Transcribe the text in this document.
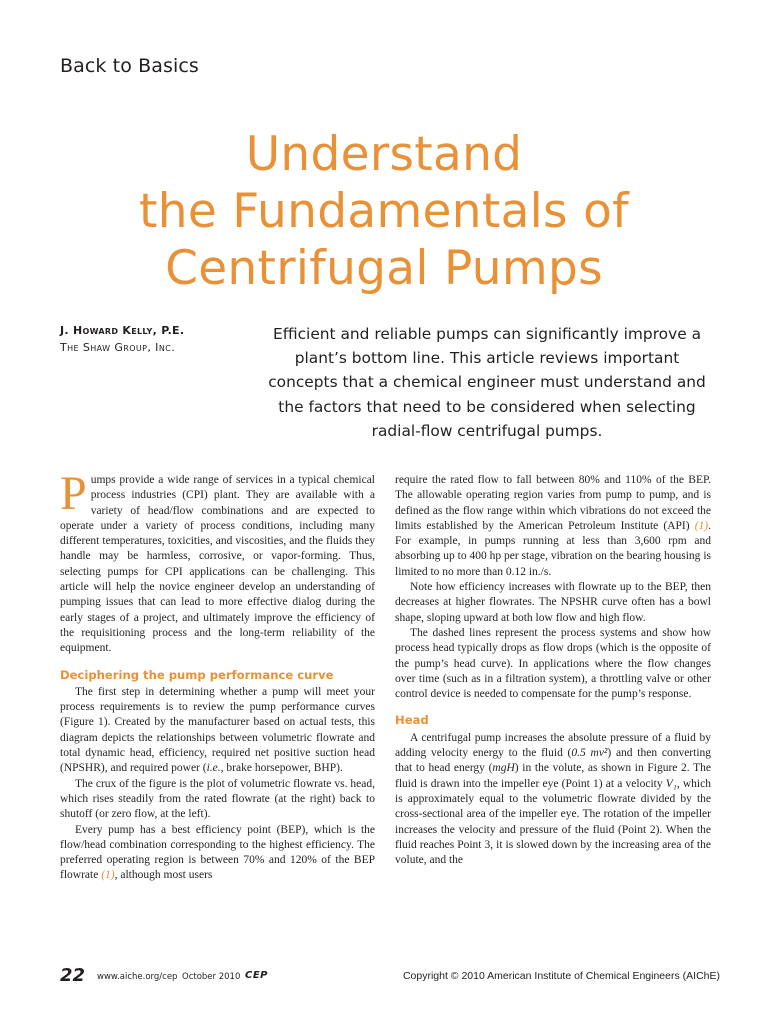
Back to Basics
Understand
the Fundamentals of
Centrifugal Pumps
J. Howard Kelly, P.E.
The Shaw Group, Inc.
Efficient and reliable pumps can significantly improve a plant’s bottom line. This article reviews important concepts that a chemical engineer must understand and the factors that need to be considered when selecting radial-flow centrifugal pumps.

Pumps provide a wide range of services in a typical chemical process industries (CPI) plant. They are available with a variety of head/flow combinations and are expected to operate under a variety of process conditions, including many different temperatures, toxicities, and viscosities, and the fluids they handle may be harmless, corrosive, or vapor-forming. Thus, selecting pumps for CPI applications can be challenging. This article will help the novice engineer develop an understanding of pumping issues that can lead to more effective dialog during the early stages of a project, and ultimately improve the efficiency of the requisitioning process and the long-term reliability of the equipment.

Deciphering the pump performance curve

The first step in determining whether a pump will meet your process requirements is to review the pump performance curves (Figure 1). Created by the manufacturer based on actual tests, this diagram depicts the relationships between volumetric flowrate and total dynamic head, efficiency, required net positive suction head (NPSHR), and required power (i.e., brake horsepower, BHP).

The crux of the figure is the plot of volumetric flowrate vs. head, which rises steadily from the rated flowrate (at the right) back to shutoff (or zero flow, at the left).

Every pump has a best efficiency point (BEP), which is the flow/head combination corresponding to the highest efficiency. The preferred operating region is between 70% and 120% of the BEP flowrate (1), although most users

require the rated flow to fall between 80% and 110% of the BEP. The allowable operating region varies from pump to pump, and is defined as the flow range within which vibrations do not exceed the limits established by the American Petroleum Institute (API) (1). For example, in pumps running at less than 3,600 rpm and absorbing up to 400 hp per stage, vibration on the bearing housing is limited to no more than 0.12 in./s.

Note how efficiency increases with flowrate up to the BEP, then decreases at higher flowrates. The NPSHR curve often has a bowl shape, sloping upward at both low flow and high flow.

The dashed lines represent the process systems and show how process head typically drops as flow drops (which is the opposite of the pump’s head curve). In applications where the flow changes over time (such as in a filtration system), a throttling valve or other control device is needed to compensate for the pump’s response.

Head

A centrifugal pump increases the absolute pressure of a fluid by adding velocity energy to the fluid (0.5 mv²) and then converting that to head energy (mgH) in the volute, as shown in Figure 2. The fluid is drawn into the impeller eye (Point 1) at a velocity V₁, which is approximately equal to the volumetric flowrate divided by the cross-sectional area of the impeller eye. The rotation of the impeller increases the velocity and pressure of the fluid (Point 2). When the fluid reaches Point 3, it is slowed down by the increasing area of the volute, and the

22 www.aiche.org/cep October 2010 CEP	Copyright © 2010 American Institute of Chemical Engineers (AIChE)
